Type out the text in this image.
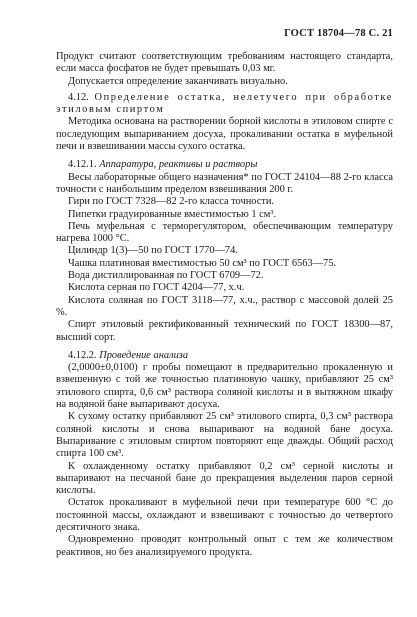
ГОСТ 18704—78 С. 21

Продукт считают соответствующим требованиям настоящего стандарта, если масса фосфатов не будет превышать 0,03 мг.

Допускается определение заканчивать визуально.

4.12. Определение остатка, нелетучего при обработке этиловым спиртом

Методика основана на растворении борной кислоты в этиловом спирте с последующим выпариванием досуха, прокаливании остатка в муфельной печи и взвешивании массы сухого остатка.

4.12.1. Аппаратура, реактивы и растворы

Весы лабораторные общего назначения* по ГОСТ 24104—88 2-го класса точности с наибольшим пределом взвешивания 200 г.

Гири по ГОСТ 7328—82 2-го класса точности.

Пипетки градуированные вместимостью 1 см³.

Печь муфельная с терморегулятором, обеспечивающим температуру нагрева 1000 °С.

Цилиндр 1(3)—50 по ГОСТ 1770—74.

Чашка платиновая вместимостью 50 см³ по ГОСТ 6563—75.

Вода дистиллированная по ГОСТ 6709—72.

Кислота серная по ГОСТ 4204—77, х.ч.

Кислота соляная по ГОСТ 3118—77, х.ч., раствор с массовой долей 25 %.

Спирт этиловый ректификованный технический по ГОСТ 18300—87, высший сорт.

4.12.2. Проведение анализа

(2,0000±0,0100) г пробы помещают в предварительно прокаленную и взвешенную с той же точностью платиновую чашку, прибавляют 25 см³ этилового спирта, 0,6 см³ раствора соляной кислоты и в вытяжном шкафу на водяной бане выпаривают досуха.

К сухому остатку прибавляют 25 см³ этилового спирта, 0,3 см³ раствора соляной кислоты и снова выпаривают на водяной бане досуха. Выпаривание с этиловым спиртом повторяют еще дважды. Общий расход спирта 100 см³.

К охлажденному остатку прибавляют 0,2 см³ серной кислоты и выпаривают на песчаной бане до прекращения выделения паров серной кислоты.

Остаток прокаливают в муфельной печи при температуре 600 °С до постоянной массы, охлаждают и взвешивают с точностью до четвертого десятичного знака.

Одновременно проводят контрольный опыт с тем же количеством реактивов, но без анализируемого продукта.
